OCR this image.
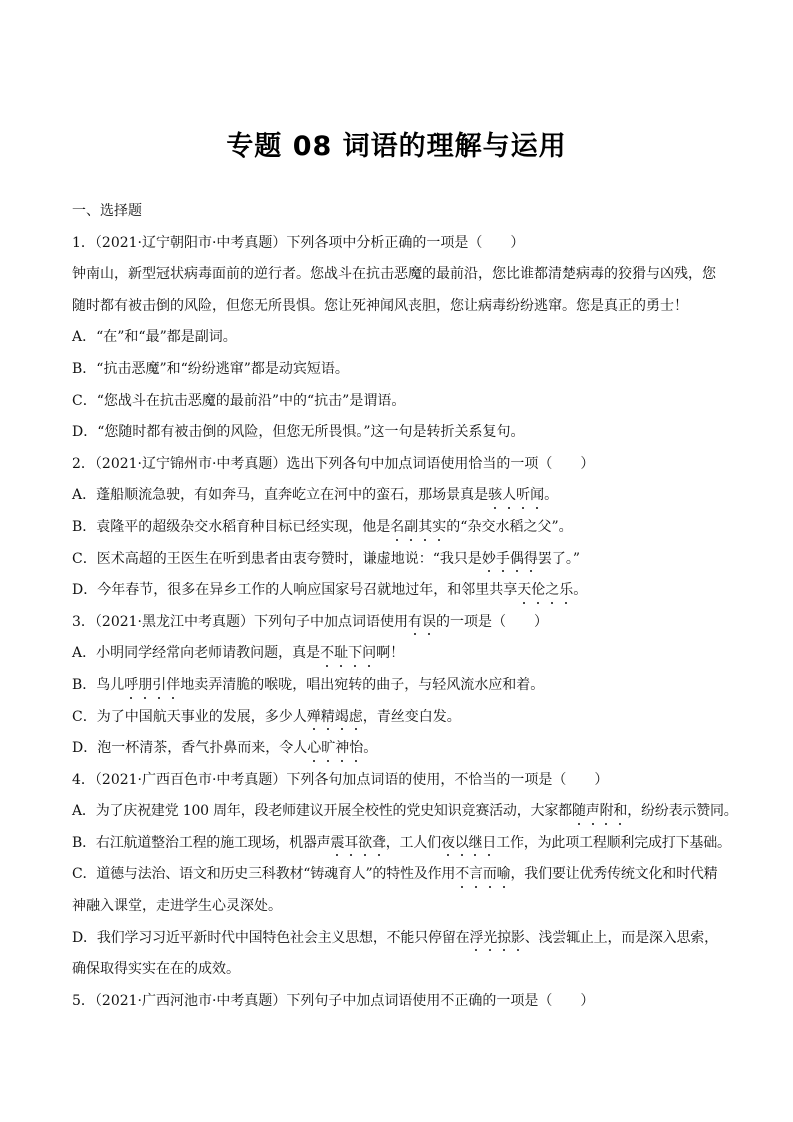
专题 08 词语的理解与运用
一、选择题
1．（2021·辽宁朝阳市·中考真题）下列各项中分析正确的一项是（　　）
钟南山，新型冠状病毒面前的逆行者。您战斗在抗击恶魔的最前沿，您比谁都清楚病毒的狡猾与凶残，您
随时都有被击倒的风险，但您无所畏惧。您让死神闻风丧胆，您让病毒纷纷逃窜。您是真正的勇士！
A．“在”和“最”都是副词。
B．“抗击恶魔”和“纷纷逃窜”都是动宾短语。
C．“您战斗在抗击恶魔的最前沿”中的“抗击”是谓语。
D．“您随时都有被击倒的风险，但您无所畏惧。”这一句是转折关系复句。
2．（2021·辽宁锦州市·中考真题）选出下列各句中加点词语使用恰当的一项（　　）
A．蓬船顺流急驶，有如奔马，直奔屹立在河中的蛮石，那场景真是骇人听闻。
B．袁隆平的超级杂交水稻育种目标已经实现，他是名副其实的“杂交水稻之父”。
C．医术高超的王医生在听到患者由衷夸赞时，谦虚地说：“我只是妙手偶得罢了。”
D．今年春节，很多在异乡工作的人响应国家号召就地过年，和邻里共享天伦之乐。
3．（2021·黑龙江中考真题）下列句子中加点词语使用有误的一项是（　　）
A．小明同学经常向老师请教问题，真是不耻下问啊！
B．鸟儿呼朋引伴地卖弄清脆的喉咙，唱出宛转的曲子，与轻风流水应和着。
C．为了中国航天事业的发展，多少人殚精竭虑，青丝变白发。
D．泡一杯清茶，香气扑鼻而来，令人心旷神怡。
4．（2021·广西百色市·中考真题）下列各句加点词语的使用，不恰当的一项是（　　）
A．为了庆祝建党 100 周年，段老师建议开展全校性的党史知识竞赛活动，大家都随声附和，纷纷表示赞同。
B．右江航道整治工程的施工现场，机器声震耳欲聋，工人们夜以继日工作，为此项工程顺利完成打下基础。
C．道德与法治、语文和历史三科教材“铸魂育人”的特性及作用不言而喻，我们要让优秀传统文化和时代精
神融入课堂，走进学生心灵深处。
D．我们学习习近平新时代中国特色社会主义思想，不能只停留在浮光掠影、浅尝辄止上，而是深入思索，
确保取得实实在在的成效。
5．（2021·广西河池市·中考真题）下列句子中加点词语使用不正确的一项是（　　）
